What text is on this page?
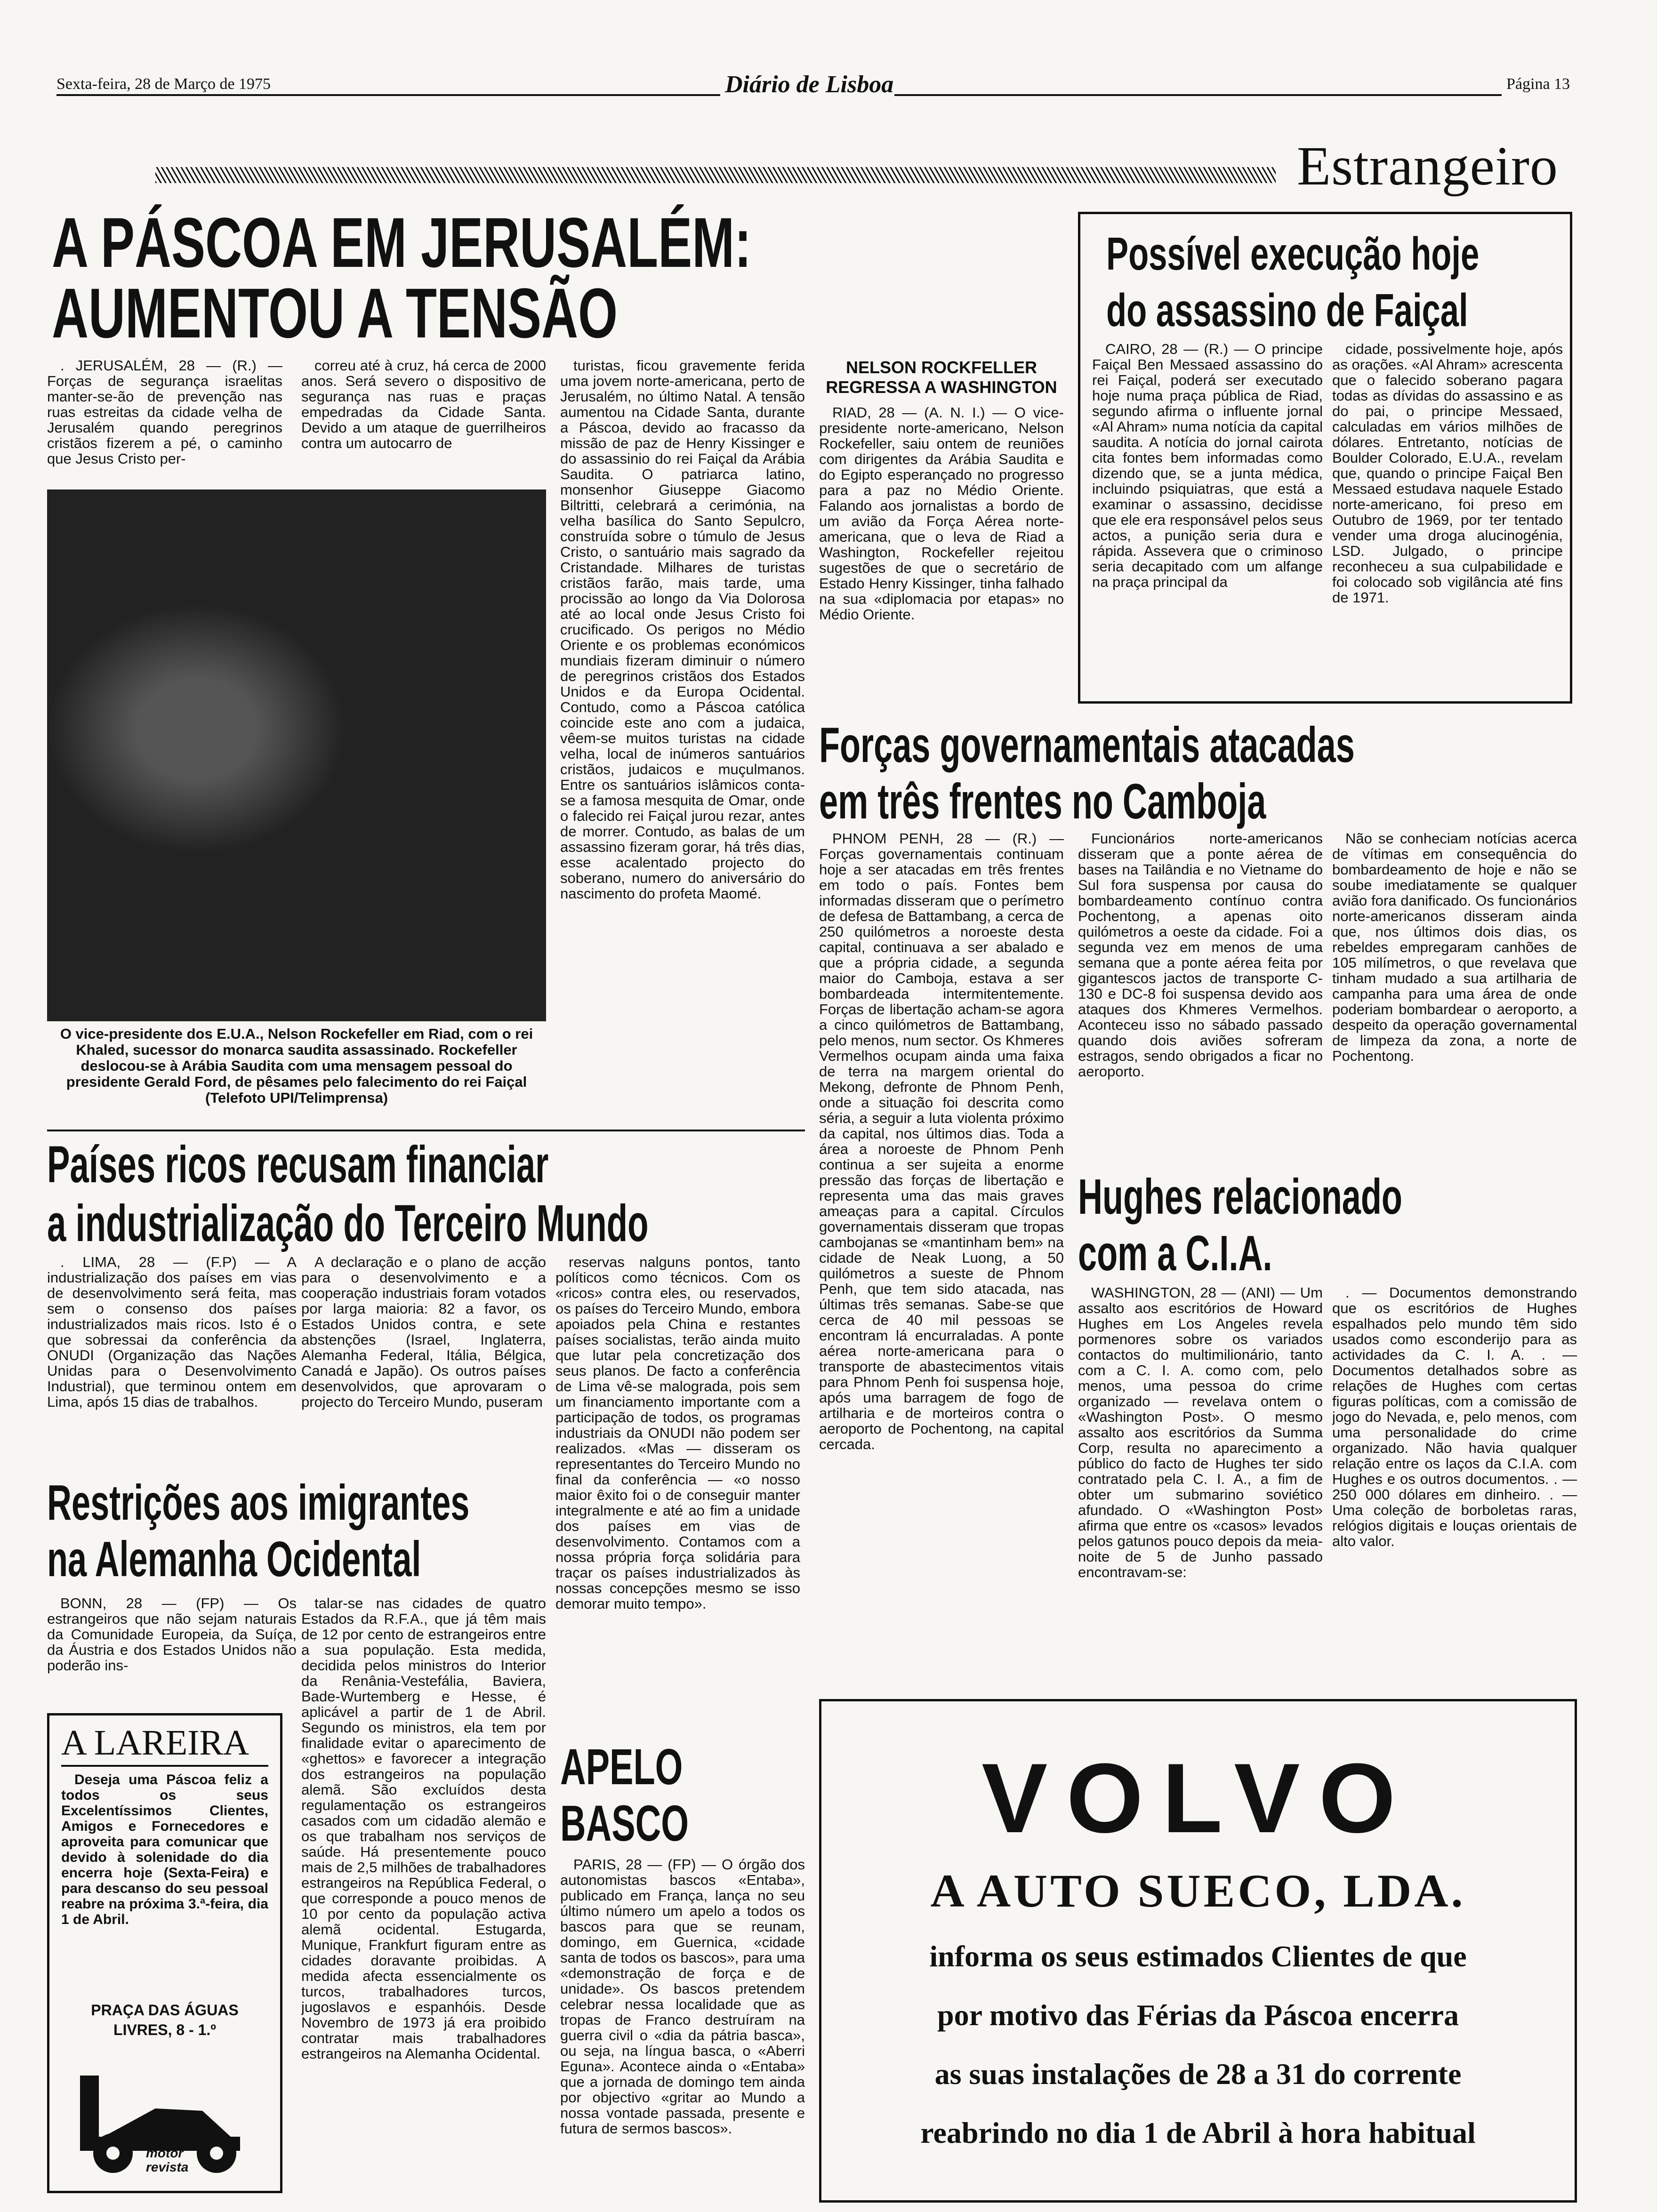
Sexta-feira, 28 de Março de 1975	Diário de Lisboa	Página 13
Estrangeiro
A PÁSCOA EM JERUSALÉM:
AUMENTOU A TENSÃO

. JERUSALÉM, 28 — (R.) — Forças de segurança israelitas manter-se-ão de prevenção nas ruas estreitas da cidade velha de Jerusalém quando peregrinos cristãos fizerem a pé, o caminho que Jesus Cristo per-

correu até à cruz, há cerca de 2000 anos. Será severo o dispositivo de segurança nas ruas e praças empedradas da Cidade Santa. Devido a um ataque de guerrilheiros contra um autocarro de

turistas, ficou gravemente ferida uma jovem norte-americana, perto de Jerusalém, no último Natal. A tensão aumentou na Cidade Santa, durante a Páscoa, devido ao fracasso da missão de paz de Henry Kissinger e do assassinio do rei Faiçal da Arábia Saudita. O patriarca latino, monsenhor Giuseppe Giacomo Biltritti, celebrará a cerimónia, na velha basílica do Santo Sepulcro, construída sobre o túmulo de Jesus Cristo, o santuário mais sagrado da Cristandade. Milhares de turistas cristãos farão, mais tarde, uma procissão ao longo da Via Dolorosa até ao local onde Jesus Cristo foi crucificado. Os perigos no Médio Oriente e os problemas económicos mundiais fizeram diminuir o número de peregrinos cristãos dos Estados Unidos e da Europa Ocidental. Contudo, como a Páscoa católica coincide este ano com a judaica, vêem-se muitos turistas na cidade velha, local de inúmeros santuários cristãos, judaicos e muçulmanos. Entre os santuários islâmicos conta-se a famosa mesquita de Omar, onde o falecido rei Faiçal jurou rezar, antes de morrer. Contudo, as balas de um assassino fizeram gorar, há três dias, esse acalentado projecto do soberano, numero do aniversário do nascimento do profeta Maomé.

O vice-presidente dos E.U.A., Nelson Rockefeller em Riad, com o rei Khaled, sucessor do monarca saudita assassinado. Rockefeller deslocou-se à Arábia Saudita com uma mensagem pessoal do presidente Gerald Ford, de pêsames pelo falecimento do rei Faiçal (Telefoto UPI/Telimprensa)
NELSON ROCKFELLER
REGRESSA A WASHINGTON

RIAD, 28 — (A. N. I.) — O vice-presidente norte-americano, Nelson Rockefeller, saiu ontem de reuniões com dirigentes da Arábia Saudita e do Egipto esperançado no progresso para a paz no Médio Oriente. Falando aos jornalistas a bordo de um avião da Força Aérea norte-americana, que o leva de Riad a Washington, Rockefeller rejeitou sugestões de que o secretário de Estado Henry Kissinger, tinha falhado na sua «diplomacia por etapas» no Médio Oriente.

Possível execução hoje
do assassino de Faiçal

CAIRO, 28 — (R.) — O principe Faiçal Ben Messaed assassino do rei Faiçal, poderá ser executado hoje numa praça pública de Riad, segundo afirma o influente jornal «Al Ahram» numa notícia da capital saudita. A notícia do jornal cairota cita fontes bem informadas como dizendo que, se a junta médica, incluindo psiquiatras, que está a examinar o assassino, decidisse que ele era responsável pelos seus actos, a punição seria dura e rápida. Assevera que o criminoso seria decapitado com um alfange na praça principal da

cidade, possivelmente hoje, após as orações. «Al Ahram» acrescenta que o falecido soberano pagara todas as dívidas do assassino e as do pai, o principe Messaed, calculadas em vários milhões de dólares. Entretanto, notícias de Boulder Colorado, E.U.A., revelam que, quando o principe Faiçal Ben Messaed estudava naquele Estado norte-americano, foi preso em Outubro de 1969, por ter tentado vender uma droga alucinogénia, LSD. Julgado, o principe reconheceu a sua culpabilidade e foi colocado sob vigilância até fins de 1971.

Forças governamentais atacadas
em três frentes no Camboja

PHNOM PENH, 28 — (R.) — Forças governamentais continuam hoje a ser atacadas em três frentes em todo o país. Fontes bem informadas disseram que o perímetro de defesa de Battambang, a cerca de 250 quilómetros a noroeste desta capital, continuava a ser abalado e que a própria cidade, a segunda maior do Camboja, estava a ser bombardeada intermitentemente. Forças de libertação acham-se agora a cinco quilómetros de Battambang, pelo menos, num sector. Os Khmeres Vermelhos ocupam ainda uma faixa de terra na margem oriental do Mekong, defronte de Phnom Penh, onde a situação foi descrita como séria, a seguir a luta violenta próximo da capital, nos últimos dias. Toda a área a noroeste de Phnom Penh continua a ser sujeita a enorme pressão das forças de libertação e representa uma das mais graves ameaças para a capital. Círculos governamentais disseram que tropas cambojanas se «mantinham bem» na cidade de Neak Luong, a 50 quilómetros a sueste de Phnom Penh, que tem sido atacada, nas últimas três semanas. Sabe-se que cerca de 40 mil pessoas se encontram lá encurraladas. A ponte aérea norte-americana para o transporte de abastecimentos vitais para Phnom Penh foi suspensa hoje, após uma barragem de fogo de artilharia e de morteiros contra o aeroporto de Pochentong, na capital cercada.

Funcionários norte-americanos disseram que a ponte aérea de bases na Tailândia e no Vietname do Sul fora suspensa por causa do bombardeamento contínuo contra Pochentong, a apenas oito quilómetros a oeste da cidade. Foi a segunda vez em menos de uma semana que a ponte aérea feita por gigantescos jactos de transporte C-130 e DC-8 foi suspensa devido aos ataques dos Khmeres Vermelhos. Aconteceu isso no sábado passado quando dois aviões sofreram estragos, sendo obrigados a ficar no aeroporto.

Não se conheciam notícias acerca de vítimas em consequência do bombardeamento de hoje e não se soube imediatamente se qualquer avião fora danificado. Os funcionários norte-americanos disseram ainda que, nos últimos dois dias, os rebeldes empregaram canhões de 105 milímetros, o que revelava que tinham mudado a sua artilharia de campanha para uma área de onde poderiam bombardear o aeroporto, a despeito da operação governamental de limpeza da zona, a norte de Pochentong.

Hughes relacionado
com a C.I.A.

WASHINGTON, 28 — (ANI) — Um assalto aos escritórios de Howard Hughes em Los Angeles revela pormenores sobre os variados contactos do multimilionário, tanto com a C. I. A. como com, pelo menos, uma pessoa do crime organizado — revelava ontem o «Washington Post». O mesmo assalto aos escritórios da Summa Corp, resulta no aparecimento a público do facto de Hughes ter sido contratado pela C. I. A., a fim de obter um submarino soviético afundado. O «Washington Post» afirma que entre os «casos» levados pelos gatunos pouco depois da meia-noite de 5 de Junho passado encontravam-se:

. — Documentos demonstrando que os escritórios de Hughes espalhados pelo mundo têm sido usados como esconderijo para as actividades da C. I. A. . — Documentos detalhados sobre as relações de Hughes com certas figuras políticas, com a comissão de jogo do Nevada, e, pelo menos, com uma personalidade do crime organizado. Não havia qualquer relação entre os laços da C.I.A. com Hughes e os outros documentos. . — 250 000 dólares em dinheiro. . — Uma coleção de borboletas raras, relógios digitais e louças orientais de alto valor.

Países ricos recusam financiar
a industrialização do Terceiro Mundo

. LIMA, 28 — (F.P) — A industrialização dos países em vias de desenvolvimento será feita, mas sem o consenso dos países industrializados mais ricos. Isto é o que sobressai da conferência da ONUDI (Organização das Nações Unidas para o Desenvolvimento Industrial), que terminou ontem em Lima, após 15 dias de trabalhos.

A declaração e o plano de acção para o desenvolvimento e a cooperação industriais foram votados por larga maioria: 82 a favor, os Estados Unidos contra, e sete abstenções (Israel, Inglaterra, Alemanha Federal, Itália, Bélgica, Canadá e Japão). Os outros países desenvolvidos, que aprovaram o projecto do Terceiro Mundo, puseram

reservas nalguns pontos, tanto políticos como técnicos. Com os «ricos» contra eles, ou reservados, os países do Terceiro Mundo, embora apoiados pela China e restantes países socialistas, terão ainda muito que lutar pela concretização dos seus planos. De facto a conferência de Lima vê-se malograda, pois sem um financiamento importante com a participação de todos, os programas industriais da ONUDI não podem ser realizados. «Mas — disseram os representantes do Terceiro Mundo no final da conferência — «o nosso maior êxito foi o de conseguir manter integralmente e até ao fim a unidade dos países em vias de desenvolvimento. Contamos com a nossa própria força solidária para traçar os países industrializados às nossas concepções mesmo se isso demorar muito tempo».

Restrições aos imigrantes
na Alemanha Ocidental

BONN, 28 — (FP) — Os estrangeiros que não sejam naturais da Comunidade Europeia, da Suíça, da Áustria e dos Estados Unidos não poderão ins-

talar-se nas cidades de quatro Estados da R.F.A., que já têm mais de 12 por cento de estrangeiros entre a sua população. Esta medida, decidida pelos ministros do Interior da Renânia-Vestefália, Baviera, Bade-Wurtemberg e Hesse, é aplicável a partir de 1 de Abril. Segundo os ministros, ela tem por finalidade evitar o aparecimento de «ghettos» e favorecer a integração dos estrangeiros na população alemã. São excluídos desta regulamentação os estrangeiros casados com um cidadão alemão e os que trabalham nos serviços de saúde. Há presentemente pouco mais de 2,5 milhões de trabalhadores estrangeiros na República Federal, o que corresponde a pouco menos de 10 por cento da população activa alemã ocidental. Estugarda, Munique, Frankfurt figuram entre as cidades doravante proibidas. A medida afecta essencialmente os turcos, trabalhadores turcos, jugoslavos e espanhóis. Desde Novembro de 1973 já era proibido contratar mais trabalhadores estrangeiros na Alemanha Ocidental.

A LAREIRA

Deseja uma Páscoa feliz a todos os seus Excelentíssimos Clientes, Amigos e Fornecedores e aproveita para comunicar que devido à solenidade do dia encerra hoje (Sexta-Feira) e para descanso do seu pessoal reabre na próxima 3.ª-feira, dia 1 de Abril.

PRAÇA DAS ÁGUAS LIVRES, 8 - 1.º
motor revista
APELO
BASCO

PARIS, 28 — (FP) — O órgão dos autonomistas bascos «Entaba», publicado em França, lança no seu último número um apelo a todos os bascos para que se reunam, domingo, em Guernica, «cidade santa de todos os bascos», para uma «demonstração de força e de unidade». Os bascos pretendem celebrar nessa localidade que as tropas de Franco destruíram na guerra civil o «dia da pátria basca», ou seja, na língua basca, o «Aberri Eguna». Acontece ainda o «Entaba» que a jornada de domingo tem ainda por objectivo «gritar ao Mundo a nossa vontade passada, presente e futura de sermos bascos».

VOLVO
A AUTO SUECO, LDA.
informa os seus estimados Clientes de que
por motivo das Férias da Páscoa encerra
as suas instalações de 28 a 31 do corrente
reabrindo no dia 1 de Abril à hora habitual
